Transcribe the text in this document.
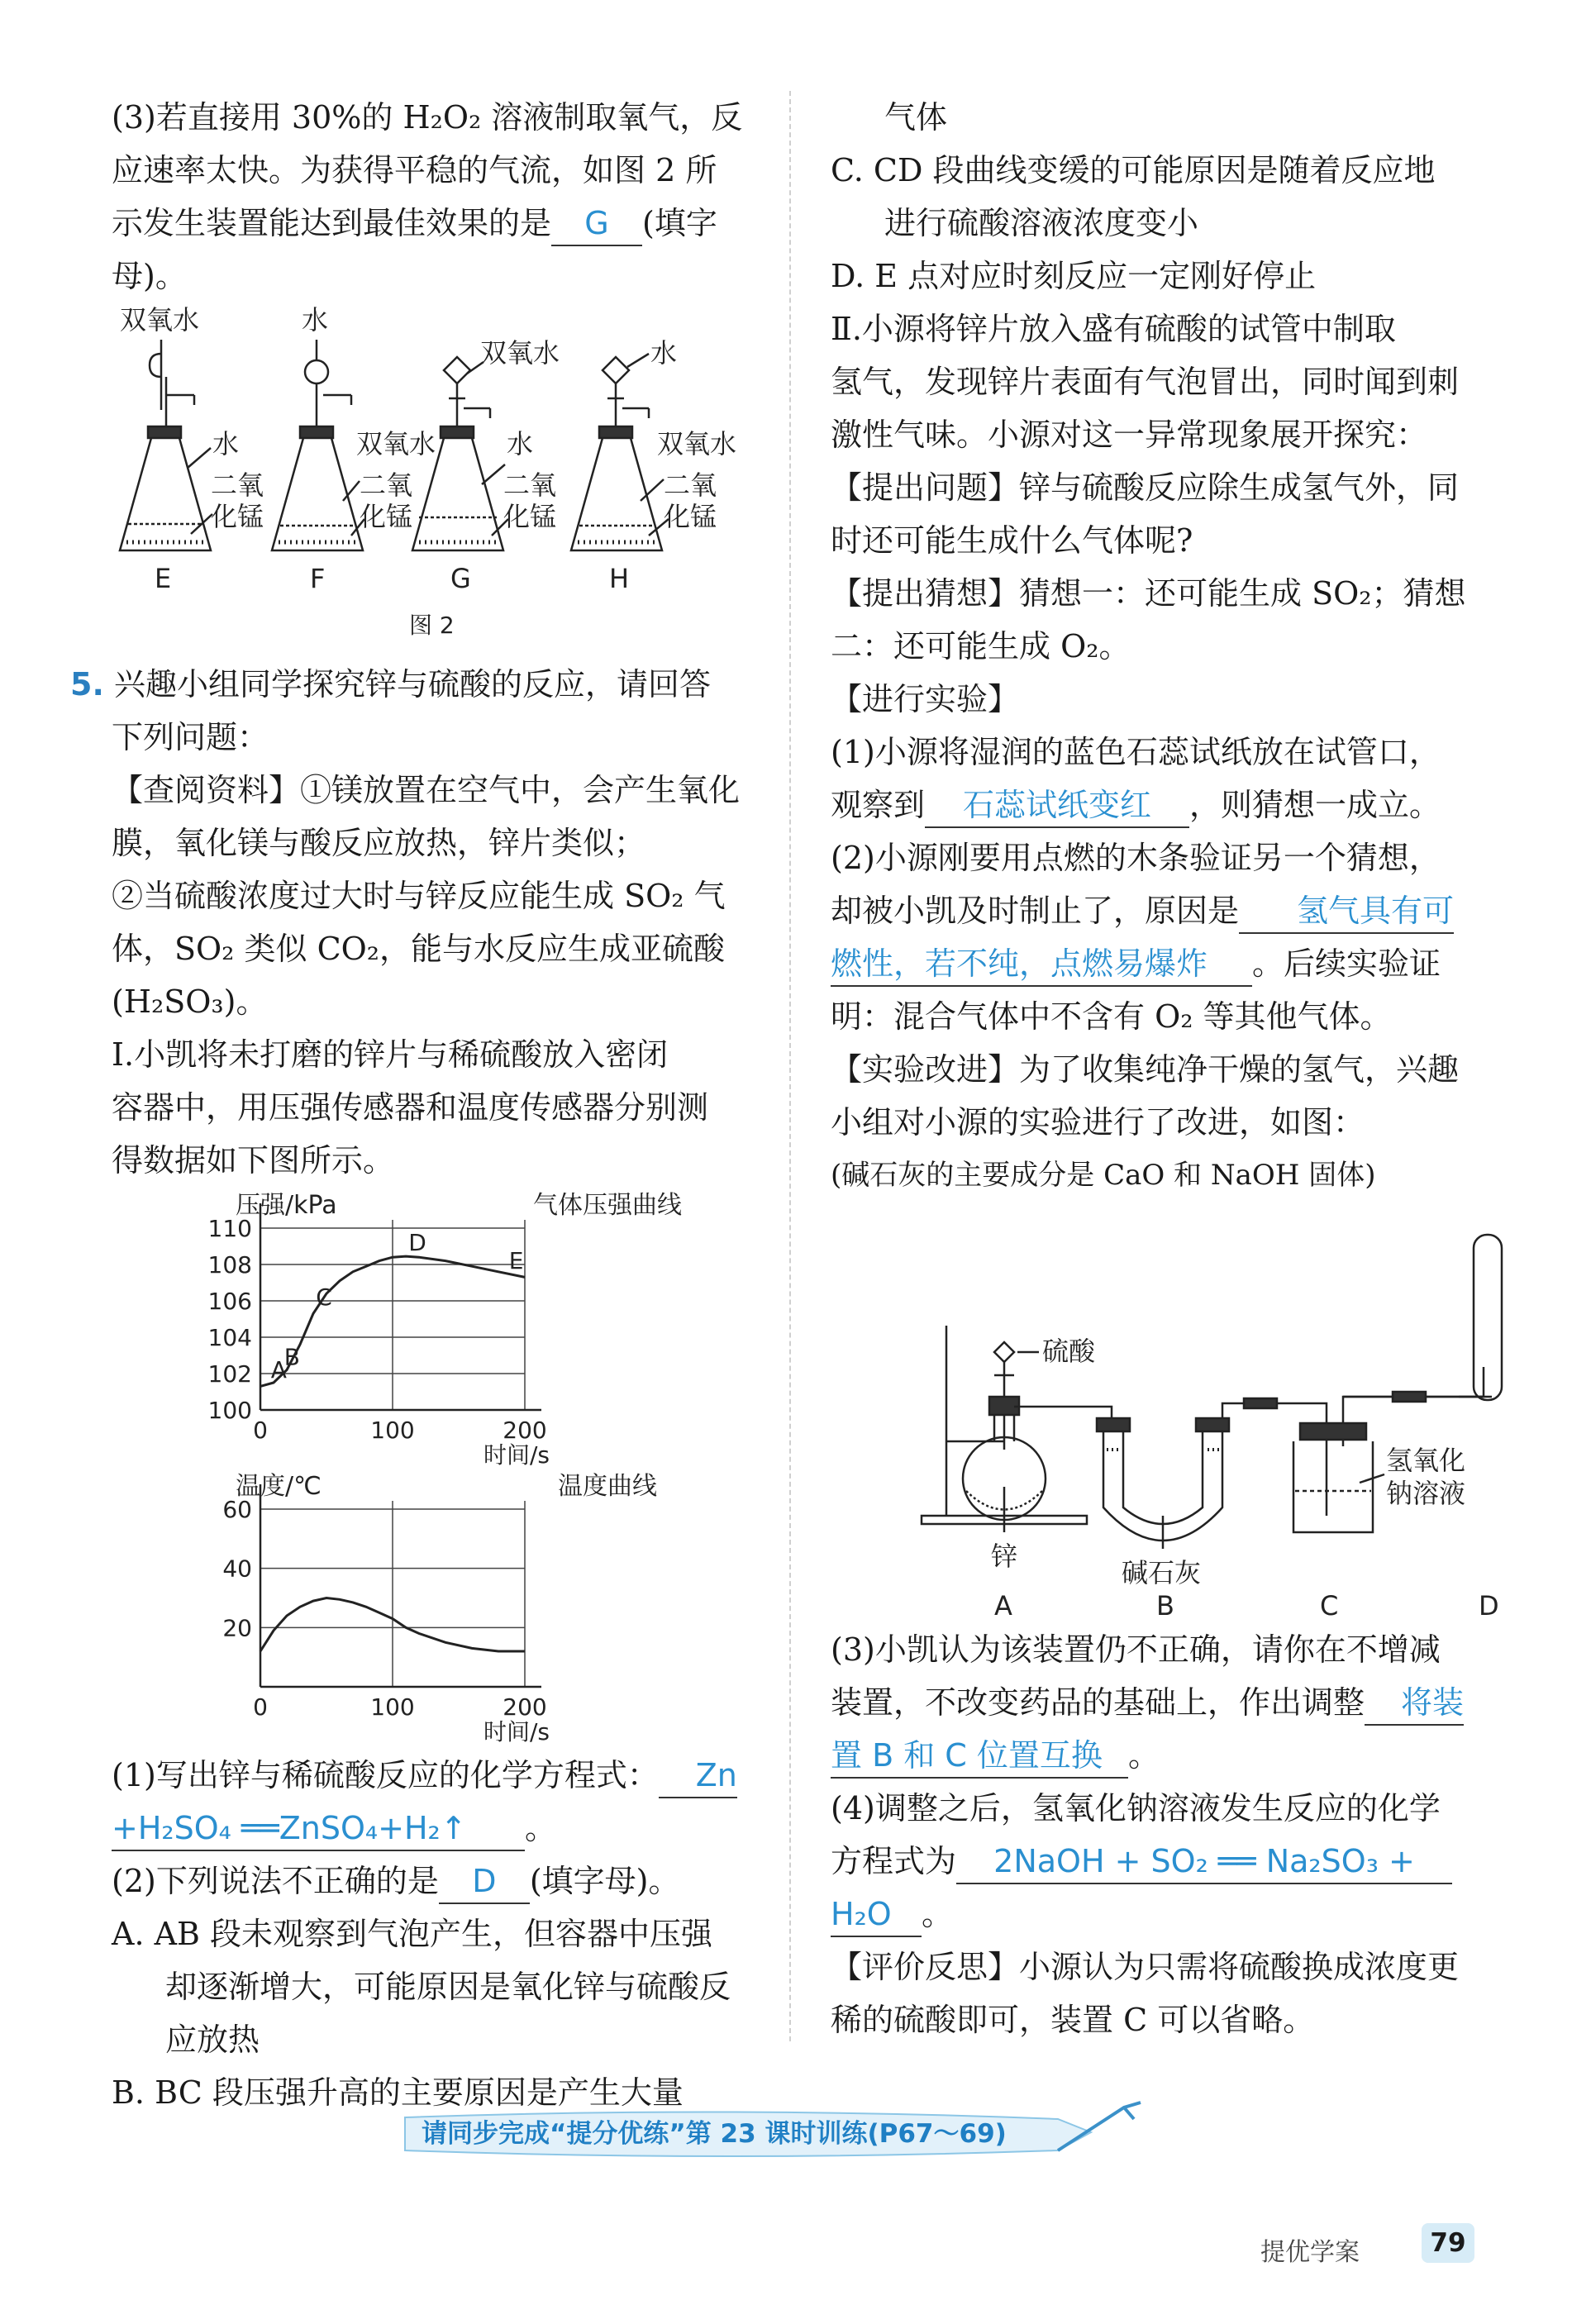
(3)若直接用 30%的 H₂O₂ 溶液制取氧气，反

应速率太快。为获得平稳的气流，如图 2 所

示发生装置能达到最佳效果的是 G (填字

母)。

双氧水	水
双氧水	水
水	双氧水	水	双氧水
二氧
化锰
二氧
化锰
二氧
化锰
二氧
化锰
E	F	G	H
图 2

5. 兴趣小组同学探究锌与硫酸的反应，请回答

下列问题：

【查阅资料】①镁放置在空气中，会产生氧化

膜，氧化镁与酸反应放热，锌片类似；

②当硫酸浓度过大时与锌反应能生成 SO₂ 气

体，SO₂ 类似 CO₂，能与水反应生成亚硫酸

(H₂SO₃)。

Ⅰ.小凯将未打磨的锌片与稀硫酸放入密闭

容器中，用压强传感器和温度传感器分别测

得数据如下图所示。

100
102
104
106
108
110
0	100	200
压强/kPa	气体压强曲线
时间/s
A
B
C
D
E
20
40
60
0	100	200
温度/℃	温度曲线
时间/s

(1)写出锌与稀硫酸反应的化学方程式： Zn

+H₂SO₄ ══ZnSO₄+H₂↑ 。

(2)下列说法不正确的是 D (填字母)。

A. AB 段未观察到气泡产生，但容器中压强

却逐渐增大，可能原因是氧化锌与硫酸反

应放热

B. BC 段压强升高的主要原因是产生大量

气体

C. CD 段曲线变缓的可能原因是随着反应地

进行硫酸溶液浓度变小

D. E 点对应时刻反应一定刚好停止

Ⅱ.小源将锌片放入盛有硫酸的试管中制取

氢气，发现锌片表面有气泡冒出，同时闻到刺

激性气味。小源对这一异常现象展开探究：

【提出问题】锌与硫酸反应除生成氢气外，同

时还可能生成什么气体呢?

【提出猜想】猜想一：还可能生成 SO₂；猜想

二：还可能生成 O₂。

【进行实验】

(1)小源将湿润的蓝色石蕊试纸放在试管口，

观察到 石蕊试纸变红 ，则猜想一成立。

(2)小源刚要用点燃的木条验证另一个猜想，

却被小凯及时制止了，原因是 氢气具有可

燃性，若不纯，点燃易爆炸 。后续实验证

明：混合气体中不含有 O₂ 等其他气体。

【实验改进】为了收集纯净干燥的氢气，兴趣

小组对小源的实验进行了改进，如图：

(碱石灰的主要成分是 CaO 和 NaOH 固体)

硫酸
锌
碱石灰
氢氧化
钠溶液
A	B	C	D

(3)小凯认为该装置仍不正确，请你在不增减

装置，不改变药品的基础上，作出调整 将装

置 B 和 C 位置互换 。

(4)调整之后，氢氧化钠溶液发生反应的化学

方程式为 2NaOH + SO₂ ══ Na₂SO₃ +

H₂O 。

【评价反思】小源认为只需将硫酸换成浓度更

稀的硫酸即可，装置 C 可以省略。

请同步完成“提分优练”第 23 课时训练(P67～69)
提优学案	79
